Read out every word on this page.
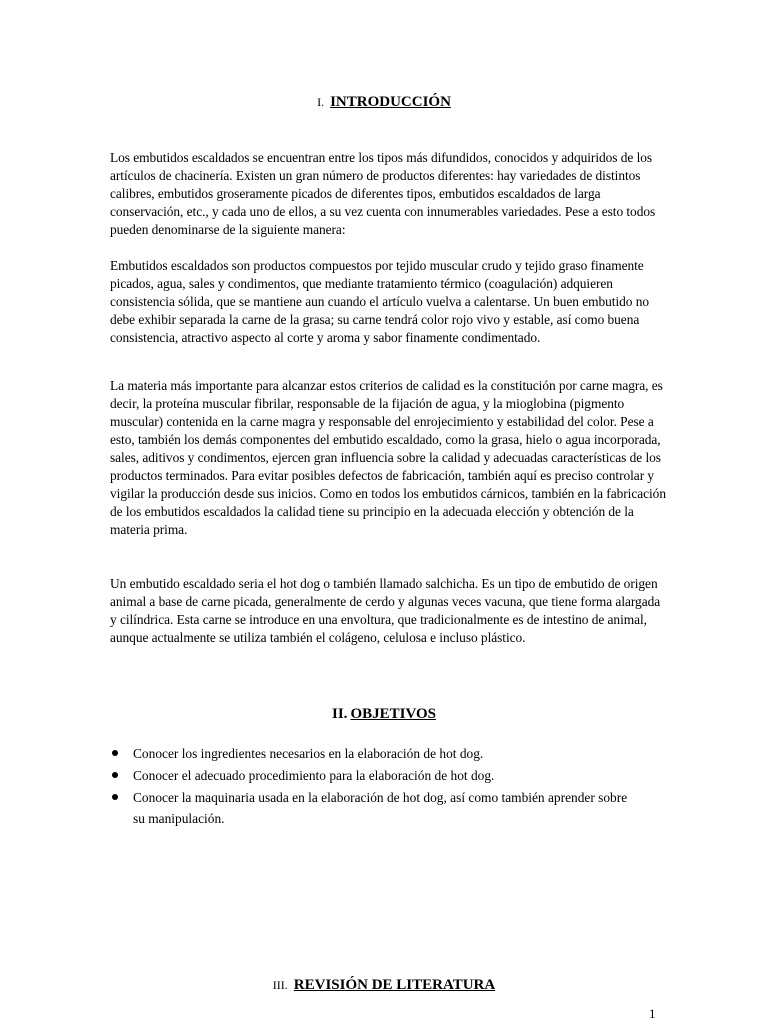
I. INTRODUCCIÓN

Los embutidos escaldados se encuentran entre los tipos más difundidos, conocidos y adquiridos de los artículos de chacinería. Existen un gran número de productos diferentes: hay variedades de distintos calibres, embutidos groseramente picados de diferentes tipos, embutidos escaldados de larga conservación, etc., y cada uno de ellos, a su vez cuenta con innumerables variedades. Pese a esto todos pueden denominarse de la siguiente manera:

Embutidos escaldados son productos compuestos por tejido muscular crudo y tejido graso finamente picados, agua, sales y condimentos, que mediante tratamiento térmico (coagulación) adquieren consistencia sólida, que se mantiene aun cuando el artículo vuelva a calentarse. Un buen embutido no debe exhibir separada la carne de la grasa; su carne tendrá color rojo vivo y estable, así como buena consistencia, atractivo aspecto al corte y aroma y sabor finamente condimentado.

La materia más importante para alcanzar estos criterios de calidad es la constitución por carne magra, es decir, la proteína muscular fibrilar, responsable de la fijación de agua, y la mioglobina (pigmento muscular) contenida en la carne magra y responsable del enrojecimiento y estabilidad del color. Pese a esto, también los demás componentes del embutido escaldado, como la grasa, hielo o agua incorporada, sales, aditivos y condimentos, ejercen gran influencia sobre la calidad y adecuadas características de los productos terminados. Para evitar posibles defectos de fabricación, también aquí es preciso controlar y vigilar la producción desde sus inicios. Como en todos los embutidos cárnicos, también en la fabricación de los embutidos escaldados la calidad tiene su principio en la adecuada elección y obtención de la materia prima.

Un embutido escaldado seria el hot dog o también llamado salchicha. Es un tipo de embutido de origen animal a base de carne picada, generalmente de cerdo y algunas veces vacuna, que tiene forma alargada y cilíndrica. Esta carne se introduce en una envoltura, que tradicionalmente es de intestino de animal, aunque actualmente se utiliza también el colágeno, celulosa e incluso plástico.

II. OBJETIVOS
Conocer los ingredientes necesarios en la elaboración de hot dog.
Conocer el adecuado procedimiento para la elaboración de hot dog.
Conocer la maquinaria usada en la elaboración de hot dog, así como también aprender sobre su manipulación.
III. REVISIÓN DE LITERATURA
1
